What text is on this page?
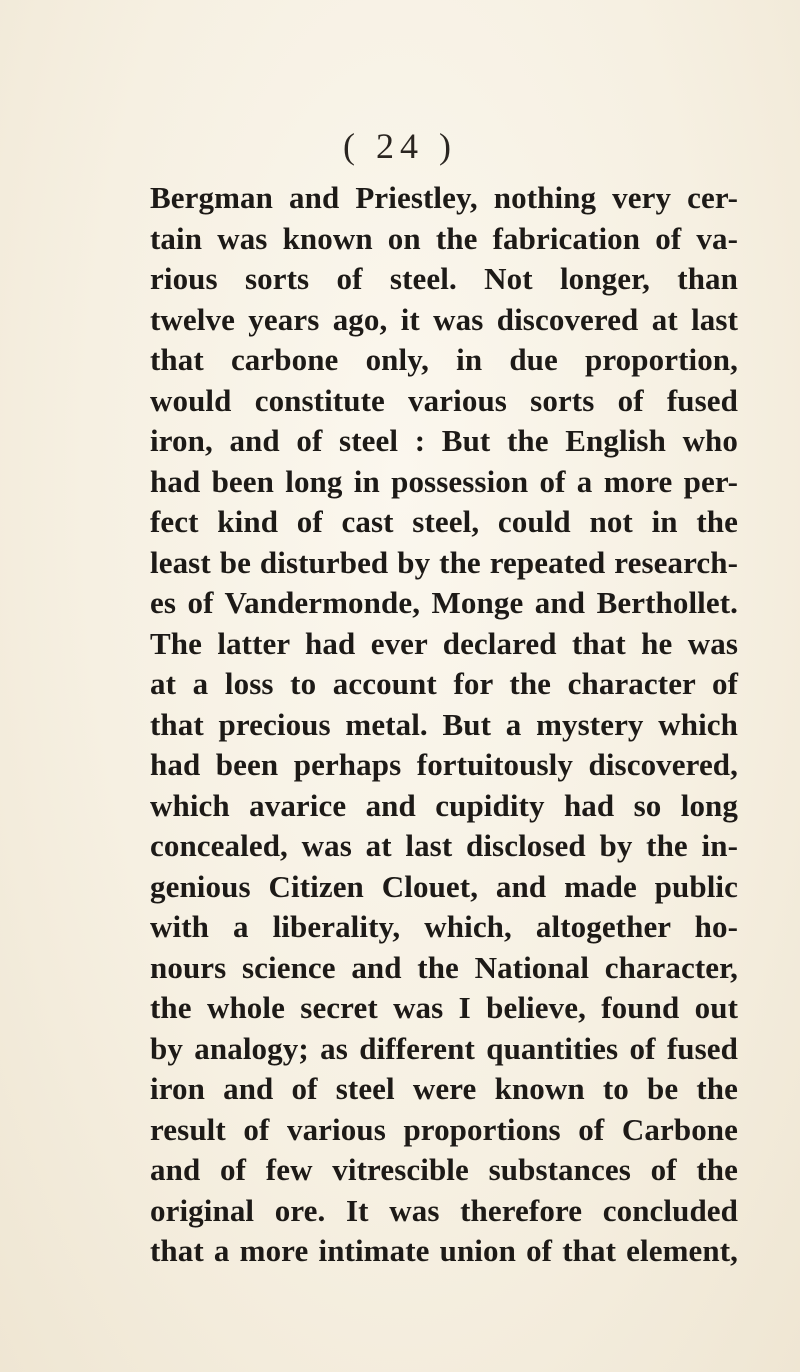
( 24 )
Bergman and Priestley, nothing very cer-
tain was known on the fabrication of va-
rious sorts of steel. Not longer, than
twelve years ago, it was discovered at last
that carbone only, in due proportion,
would constitute various sorts of fused
iron, and of steel : But the English who
had been long in possession of a more per-
fect kind of cast steel, could not in the
least be disturbed by the repeated research-
es of Vandermonde, Monge and Berthollet.
The latter had ever declared that he was
at a loss to account for the character of
that precious metal. But a mystery which
had been perhaps fortuitously discovered,
which avarice and cupidity had so long
concealed, was at last disclosed by the in-
genious Citizen Clouet, and made public
with a liberality, which, altogether ho-
nours science and the National character,
the whole secret was I believe, found out
by analogy; as different quantities of fused
iron and of steel were known to be the
result of various proportions of Carbone
and of few vitrescible substances of the
original ore. It was therefore concluded
that a more intimate union of that element,
